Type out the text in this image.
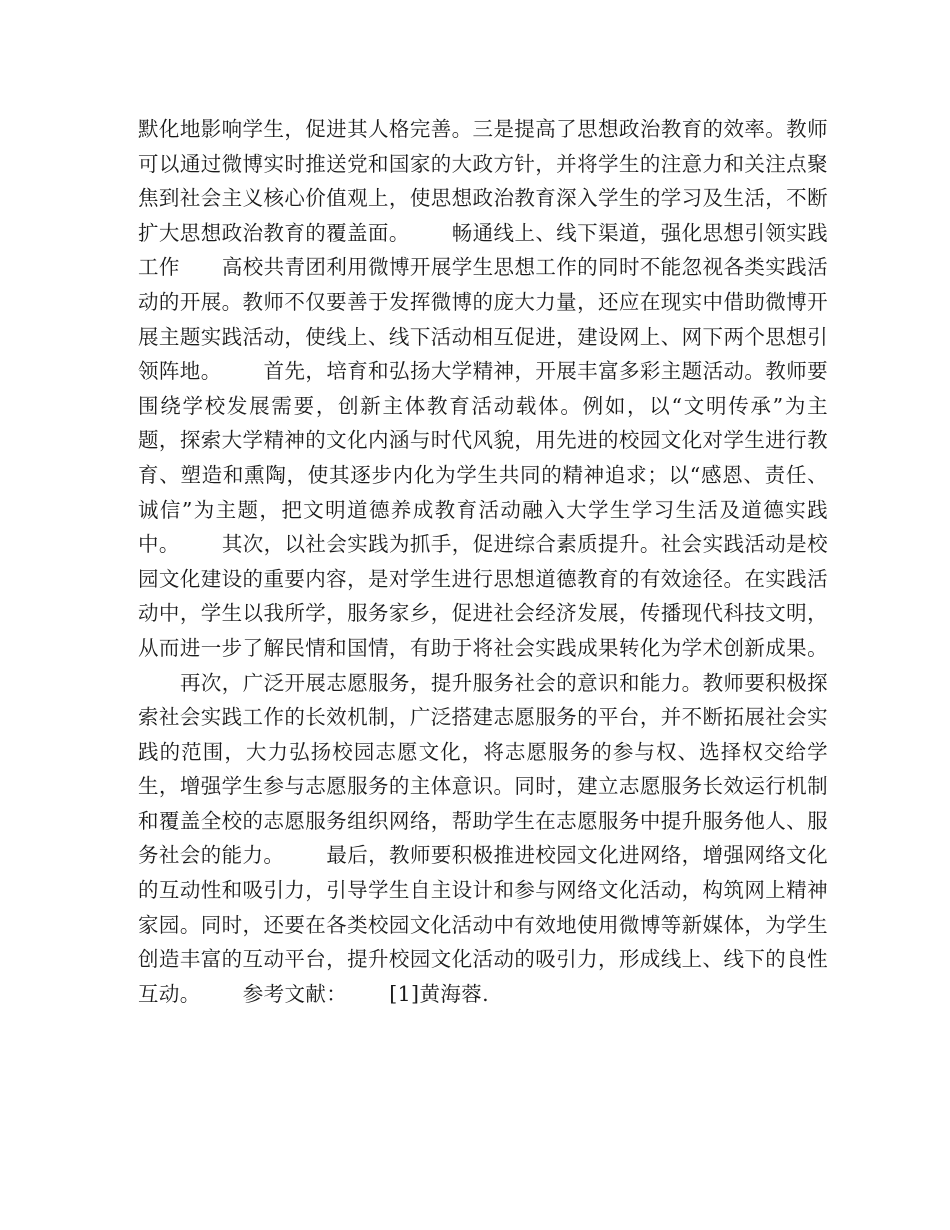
默化地影响学生，促进其人格完善。三是提高了思想政治教育的效率。教师可以通过微博实时推送党和国家的大政方针，并将学生的注意力和关注点聚焦到社会主义核心价值观上，使思想政治教育深入学生的学习及生活，不断扩大思想政治教育的覆盖面。 畅通线上、线下渠道，强化思想引领实践工作 高校共青团利用微博开展学生思想工作的同时不能忽视各类实践活动的开展。教师不仅要善于发挥微博的庞大力量，还应在现实中借助微博开展主题实践活动，使线上、线下活动相互促进，建设网上、网下两个思想引领阵地。 首先，培育和弘扬大学精神，开展丰富多彩主题活动。教师要围绕学校发展需要，创新主体教育活动载体。例如，以“文明传承”为主题，探索大学精神的文化内涵与时代风貌，用先进的校园文化对学生进行教育、塑造和熏陶，使其逐步内化为学生共同的精神追求；以“感恩、责任、诚信”为主题，把文明道德养成教育活动融入大学生学习生活及道德实践中。 其次，以社会实践为抓手，促进综合素质提升。社会实践活动是校园文化建设的重要内容，是对学生进行思想道德教育的有效途径。在实践活动中，学生以我所学，服务家乡，促进社会经济发展，传播现代科技文明，从而进一步了解民情和国情，有助于将社会实践成果转化为学术创新成果。再次，广泛开展志愿服务，提升服务社会的意识和能力。教师要积极探索社会实践工作的长效机制，广泛搭建志愿服务的平台，并不断拓展社会实践的范围，大力弘扬校园志愿文化，将志愿服务的参与权、选择权交给学生，增强学生参与志愿服务的主体意识。同时，建立志愿服务长效运行机制和覆盖全校的志愿服务组织网络，帮助学生在志愿服务中提升服务他人、服务社会的能力。 最后，教师要积极推进校园文化进网络，增强网络文化的互动性和吸引力，引导学生自主设计和参与网络文化活动，构筑网上精神家园。同时，还要在各类校园文化活动中有效地使用微博等新媒体，为学生创造丰富的互动平台，提升校园文化活动的吸引力，形成线上、线下的良性互动。 参考文献： [1]黄海蓉.
